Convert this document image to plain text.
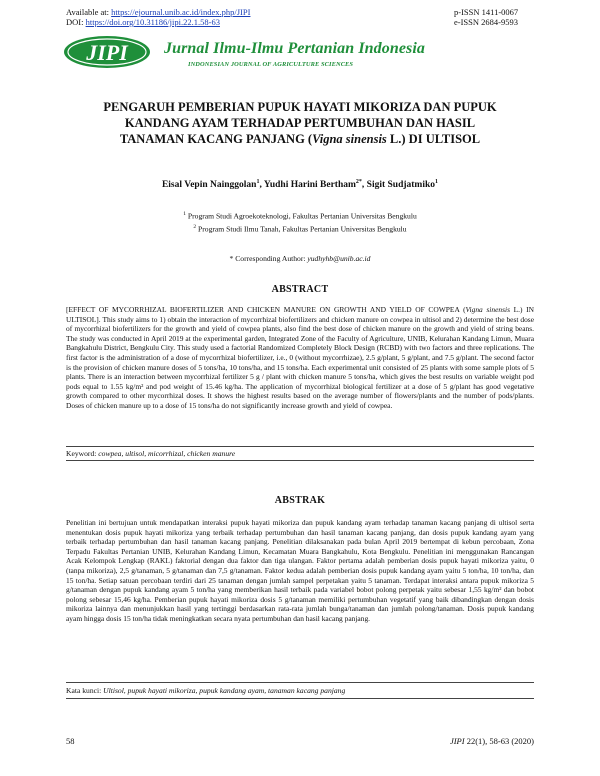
Available at: https://ejournal.unib.ac.id/index.php/JIPI
DOI: https://doi.org/10.31186/jipi.22.1.58-63
p-ISSN 1411-0067
e-ISSN 2684-9593
JIPI Jurnal Ilmu-Ilmu Pertanian Indonesia
INDONESIAN JOURNAL OF AGRICULTURE SCIENCES
PENGARUH PEMBERIAN PUPUK HAYATI MIKORIZA DAN PUPUK
KANDANG AYAM TERHADAP PERTUMBUHAN DAN HASIL
TANAMAN KACANG PANJANG (Vigna sinensis L.) DI ULTISOL
Eisal Vepin Nainggolan$^1$, Yudhi Harini Bertham$^{2*}$, Sigit Sudjatmiko$^1$
$^1$ Program Studi Agroekoteknologi, Fakultas Pertanian Universitas Bengkulu
$^2$ Program Studi Ilmu Tanah, Fakultas Pertanian Universitas Bengkulu
* Corresponding Author: yudhyhb@unib.ac.id
ABSTRACT
[EFFECT OF MYCORRHIZAL BIOFERTILIZER AND CHICKEN MANURE ON GROWTH AND YIELD OF COWPEA (Vigna sinensis L.) IN ULTISOL]. This study aims to 1) obtain the interaction of mycorrhizal biofertilizers and chicken manure on cowpea in ultisol and 2) determine the best dose of mycorrhizal biofertilizers for the growth and yield of cowpea plants, also find the best dose of chicken manure on the growth and yield of string beans. The study was conducted in April 2019 at the experimental garden, Integrated Zone of the Faculty of Agriculture, UNIB, Kelurahan Kandang Limun, Muara Bangkahulu District, Bengkulu City. This study used a factorial Randomized Completely Block Design (RCBD) with two factors and three replications. The first factor is the administration of a dose of mycorrhizal biofertilizer, i.e., 0 (without mycorrhizae), 2.5 g/plant, 5 g/plant, and 7.5 g/plant. The second factor is the provision of chicken manure doses of 5 tons/ha, 10 tons/ha, and 15 tons/ha. Each experimental unit consisted of 25 plants with some sample plots of 5 plants. There is an interaction between mycorrhizal fertilizer 5 g / plant with chicken manure 5 tons/ha, which gives the best results on variable weight pod pods equal to 1.55 kg/m² and pod weight of 15.46 kg/ha. The application of mycorrhizal biological fertilizer at a dose of 5 g/plant has good vegetative growth compared to other mycorrhizal doses. It shows the highest results based on the average number of flowers/plants and the number of pods/plants. Doses of chicken manure up to a dose of 15 tons/ha do not significantly increase growth and yield of cowpea.
Keyword: cowpea, ultisol, micorrhizal, chicken manure
ABSTRAK
Penelitian ini bertujuan untuk mendapatkan interaksi pupuk hayati mikoriza dan pupuk kandang ayam terhadap tanaman kacang panjang di ultisol serta menentukan dosis pupuk hayati mikoriza yang terbaik terhadap pertumbuhan dan hasil tanaman kacang panjang, dan dosis pupuk kandang ayam yang terbaik terhadap pertumbuhan dan hasil tanaman kacang panjang. Penelitian dilaksanakan pada bulan April 2019 bertempat di kebun percobaan, Zona Terpadu Fakultas Pertanian UNIB, Kelurahan Kandang Limun, Kecamatan Muara Bangkahulu, Kota Bengkulu. Penelitian ini menggunakan Rancangan Acak Kelompok Lengkap (RAKL) faktorial dengan dua faktor dan tiga ulangan. Faktor pertama adalah pemberian dosis pupuk hayati mikoriza yaitu, 0 (tanpa mikoriza), 2,5 g/tanaman, 5 g/tanaman dan 7,5 g/tanaman. Faktor kedua adalah pemberian dosis pupuk kandang ayam yaitu 5 ton/ha, 10 ton/ha, dan 15 ton/ha. Setiap satuan percobaan terdiri dari 25 tanaman dengan jumlah sampel perpetakan yaitu 5 tanaman. Terdapat interaksi antara pupuk mikoriza 5 g/tanaman dengan pupuk kandang ayam 5 ton/ha yang memberikan hasil terbaik pada variabel bobot polong perpetak yaitu sebesar 1,55 kg/m² dan bobot polong sebesar 15,46 kg/ha. Pemberian pupuk hayati mikoriza dosis 5 g/tanaman memiliki pertumbuhan vegetatif yang baik dibandingkan dengan dosis mikoriza lainnya dan menunjukkan hasil yang tertinggi berdasarkan rata-rata jumlah bunga/tanaman dan jumlah polong/tanaman. Dosis pupuk kandang ayam hingga dosis 15 ton/ha tidak meningkatkan secara nyata pertumbuhan dan hasil kacang panjang.
Kata kunci: Ultisol, pupuk hayati mikoriza, pupuk kandang ayam, tanaman kacang panjang
58	JIPI 22(1), 58-63 (2020)
